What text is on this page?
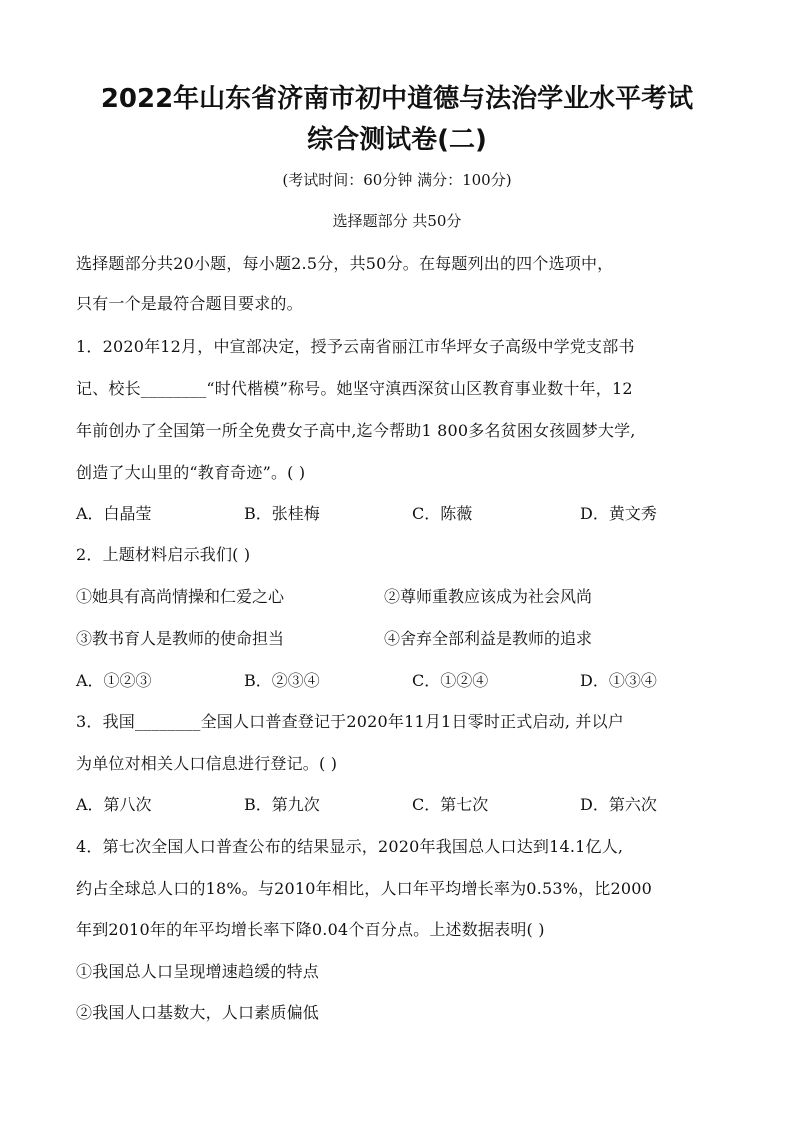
2022年山东省济南市初中道德与法治学业水平考试
综合测试卷(二)
(考试时间：60分钟 满分：100分)
选择题部分 共50分
选择题部分共20小题，每小题2.5分，共50分。在每题列出的四个选项中，
只有一个是最符合题目要求的。
1．2020年12月，中宣部决定，授予云南省丽江市华坪女子高级中学党支部书
记、校长________“时代楷模”称号。她坚守滇西深贫山区教育事业数十年，12
年前创办了全国第一所全免费女子高中,迄今帮助1 800多名贫困女孩圆梦大学,
创造了大山里的“教育奇迹”。( )
A．白晶莹	B．张桂梅	C．陈薇	D．黄文秀
2．上题材料启示我们( )
①她具有高尚情操和仁爱之心	②尊师重教应该成为社会风尚
③教书育人是教师的使命担当	④舍弃全部利益是教师的追求
A．①②③	B．②③④	C．①②④	D．①③④
3．我国________全国人口普查登记于2020年11月1日零时正式启动, 并以户
为单位对相关人口信息进行登记。( )
A．第八次	B．第九次	C．第七次	D．第六次
4．第七次全国人口普查公布的结果显示，2020年我国总人口达到14.1亿人,
约占全球总人口的18%。与2010年相比，人口年平均增长率为0.53%，比2000
年到2010年的年平均增长率下降0.04个百分点。上述数据表明( )
①我国总人口呈现增速趋缓的特点
②我国人口基数大，人口素质偏低
